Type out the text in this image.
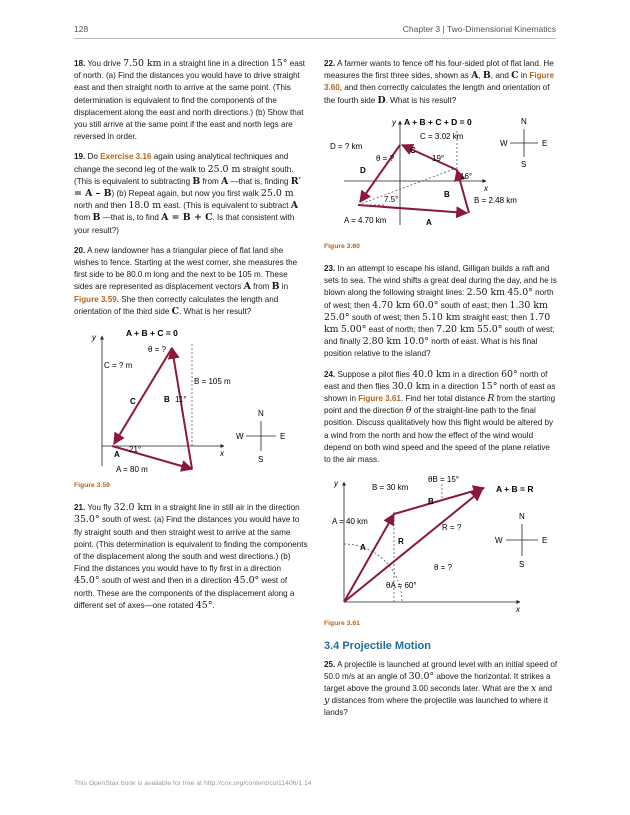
128	Chapter 3 | Two-Dimensional Kinematics

18. You drive 7.50 km in a straight line in a direction 15° east of north. (a) Find the distances you would have to drive straight east and then straight north to arrive at the same point. (This determination is equivalent to find the components of the displacement along the east and north directions.) (b) Show that you still arrive at the same point if the east and north legs are reversed in order.

19. Do Exercise 3.16 again using analytical techniques and change the second leg of the walk to 25.0 m straight south. (This is equivalent to subtracting B from A —that is, finding R′ = A – B) (b) Repeat again, but now you first walk 25.0 m north and then 18.0 m east. (This is equivalent to subtract A from B —that is, to find A = B + C. Is that consistent with your result?)

20. A new landowner has a triangular piece of flat land she wishes to fence. Starting at the west corner, she measures the first side to be 80.0 m long and the next to be 105 m. These sides are represented as displacement vectors A from B in Figure 3.59. She then correctly calculates the length and orientation of the third side C. What is her result?

A + B + C = 0
y
x
θ = ?
C = ? m
C	B
B = 105 m
11°
21°
A
A = 80 m
N
S
E
W
Figure 3.59

21. You fly 32.0 km in a straight line in still air in the direction 35.0° south of west. (a) Find the distances you would have to fly straight south and then straight west to arrive at the same point. (This determination is equivalent to finding the components of the displacement along the south and west directions.) (b) Find the distances you would have to fly first in a direction 45.0° south of west and then in a direction 45.0° west of north. These are the components of the displacement along a different set of axes—one rotated 45°.

22. A farmer wants to fence off his four-sided plot of flat land. He measures the first three sides, shown as A, B, and C in Figure 3.60, and then correctly calculates the length and orientation of the fourth side D. What is his result?

A + B + C + D = 0
y
x
C = 3.02 km
D = ? km
θ = ?	19°
C
D
16°
B
B = 2.48 km
7.5°
A = 4.70 km	A
N
S
E
W
Figure 3.60

23. In an attempt to escape his island, Gilligan builds a raft and sets to sea. The wind shifts a great deal during the day, and he is blown along the following straight lines: 2.50 km 45.0° north of west; then 4.70 km 60.0° south of east; then 1.30 km 25.0° south of west; then 5.10 km straight east; then 1.70 km 5.00° east of north; then 7.20 km 55.0° south of west; and finally 2.80 km 10.0° north of east. What is his final position relative to the island?

24. Suppose a pilot flies 40.0 km in a direction 60° north of east and then flies 30.0 km in a direction 15° north of east as shown in Figure 3.61. Find her total distance R from the starting point and the direction θ of the straight-line path to the final position. Discuss qualitatively how this flight would be altered by a wind from the north and how the effect of the wind would depend on both wind speed and the speed of the plane relative to the air mass.

y
x
θB = 15°
A + B = R
B = 30 km
B
A = 40 km
A
R
R = ?
θ = ?
θA = 60°
N
S
E
W
Figure 3.61
3.4 Projectile Motion

25. A projectile is launched at ground level with an initial speed of 50.0 m/s at an angle of 30.0° above the horizontal. It strikes a target above the ground 3.00 seconds later. What are the x and y distances from where the projectile was launched to where it lands?

This OpenStax book is available for free at http://cnx.org/content/col11406/1.14
